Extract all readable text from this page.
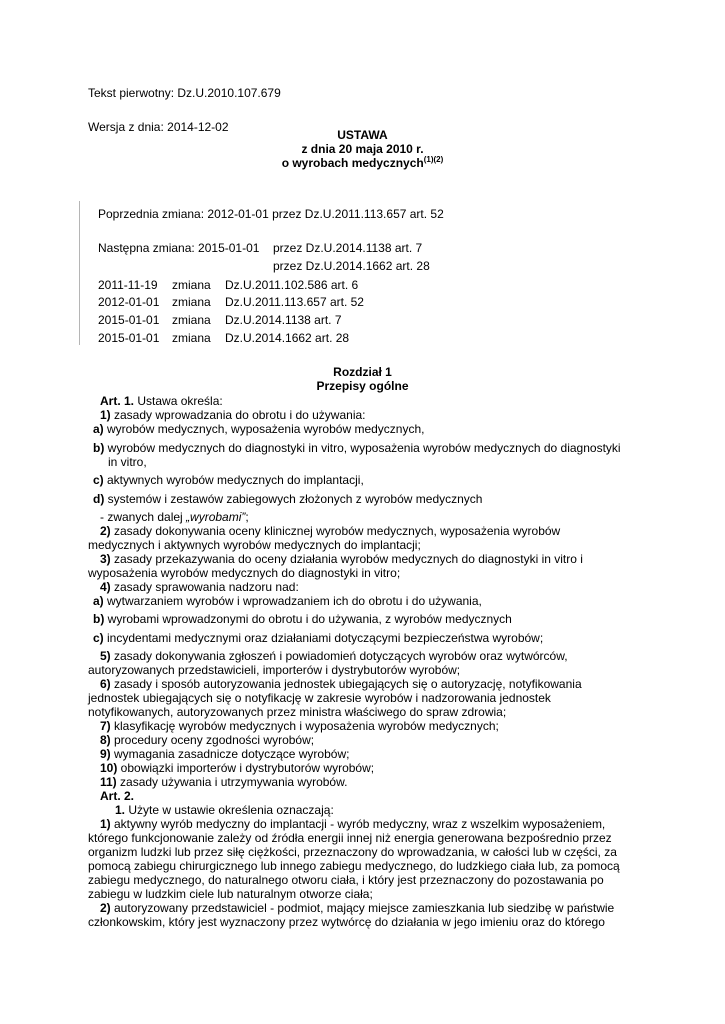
Tekst pierwotny: Dz.U.2010.107.679
Wersja z dnia: 2014-12-02
USTAWA
z dnia 20 maja 2010 r.
o wyrobach medycznych$^{(1)(2)}$
Poprzednia zmiana: 2012-01-01 przez Dz.U.2011.113.657 art. 52
Następna zmiana: 2015-01-01 przez Dz.U.2014.1138 art. 7
przez Dz.U.2014.1662 art. 28
2011-11-19 zmiana Dz.U.2011.102.586 art. 6
2012-01-01 zmiana Dz.U.2011.113.657 art. 52
2015-01-01 zmiana Dz.U.2014.1138 art. 7
2015-01-01 zmiana Dz.U.2014.1662 art. 28
Rozdział 1
Przepisy ogólne
Art. 1. Ustawa określa:
1) zasady wprowadzania do obrotu i do używania:
a) wyrobów medycznych, wyposażenia wyrobów medycznych,
b) wyrobów medycznych do diagnostyki in vitro, wyposażenia wyrobów medycznych do diagnostyki
in vitro,
c) aktywnych wyrobów medycznych do implantacji,
d) systemów i zestawów zabiegowych złożonych z wyrobów medycznych
- zwanych dalej „wyrobami”;
2) zasady dokonywania oceny klinicznej wyrobów medycznych, wyposażenia wyrobów
medycznych i aktywnych wyrobów medycznych do implantacji;
3) zasady przekazywania do oceny działania wyrobów medycznych do diagnostyki in vitro i
wyposażenia wyrobów medycznych do diagnostyki in vitro;
4) zasady sprawowania nadzoru nad:
a) wytwarzaniem wyrobów i wprowadzaniem ich do obrotu i do używania,
b) wyrobami wprowadzonymi do obrotu i do używania, z wyrobów medycznych
c) incydentami medycznymi oraz działaniami dotyczącymi bezpieczeństwa wyrobów;
5) zasady dokonywania zgłoszeń i powiadomień dotyczących wyrobów oraz wytwórców,
autoryzowanych przedstawicieli, importerów i dystrybutorów wyrobów;
6) zasady i sposób autoryzowania jednostek ubiegających się o autoryzację, notyfikowania
jednostek ubiegających się o notyfikację w zakresie wyrobów i nadzorowania jednostek
notyfikowanych, autoryzowanych przez ministra właściwego do spraw zdrowia;
7) klasyfikację wyrobów medycznych i wyposażenia wyrobów medycznych;
8) procedury oceny zgodności wyrobów;
9) wymagania zasadnicze dotyczące wyrobów;
10) obowiązki importerów i dystrybutorów wyrobów;
11) zasady używania i utrzymywania wyrobów.
Art. 2.
1. Użyte w ustawie określenia oznaczają:
1) aktywny wyrób medyczny do implantacji - wyrób medyczny, wraz z wszelkim wyposażeniem,
którego funkcjonowanie zależy od źródła energii innej niż energia generowana bezpośrednio przez
organizm ludzki lub przez siłę ciężkości, przeznaczony do wprowadzania, w całości lub w części, za
pomocą zabiegu chirurgicznego lub innego zabiegu medycznego, do ludzkiego ciała lub, za pomocą
zabiegu medycznego, do naturalnego otworu ciała, i który jest przeznaczony do pozostawania po
zabiegu w ludzkim ciele lub naturalnym otworze ciała;
2) autoryzowany przedstawiciel - podmiot, mający miejsce zamieszkania lub siedzibę w państwie
członkowskim, który jest wyznaczony przez wytwórcę do działania w jego imieniu oraz do którego
